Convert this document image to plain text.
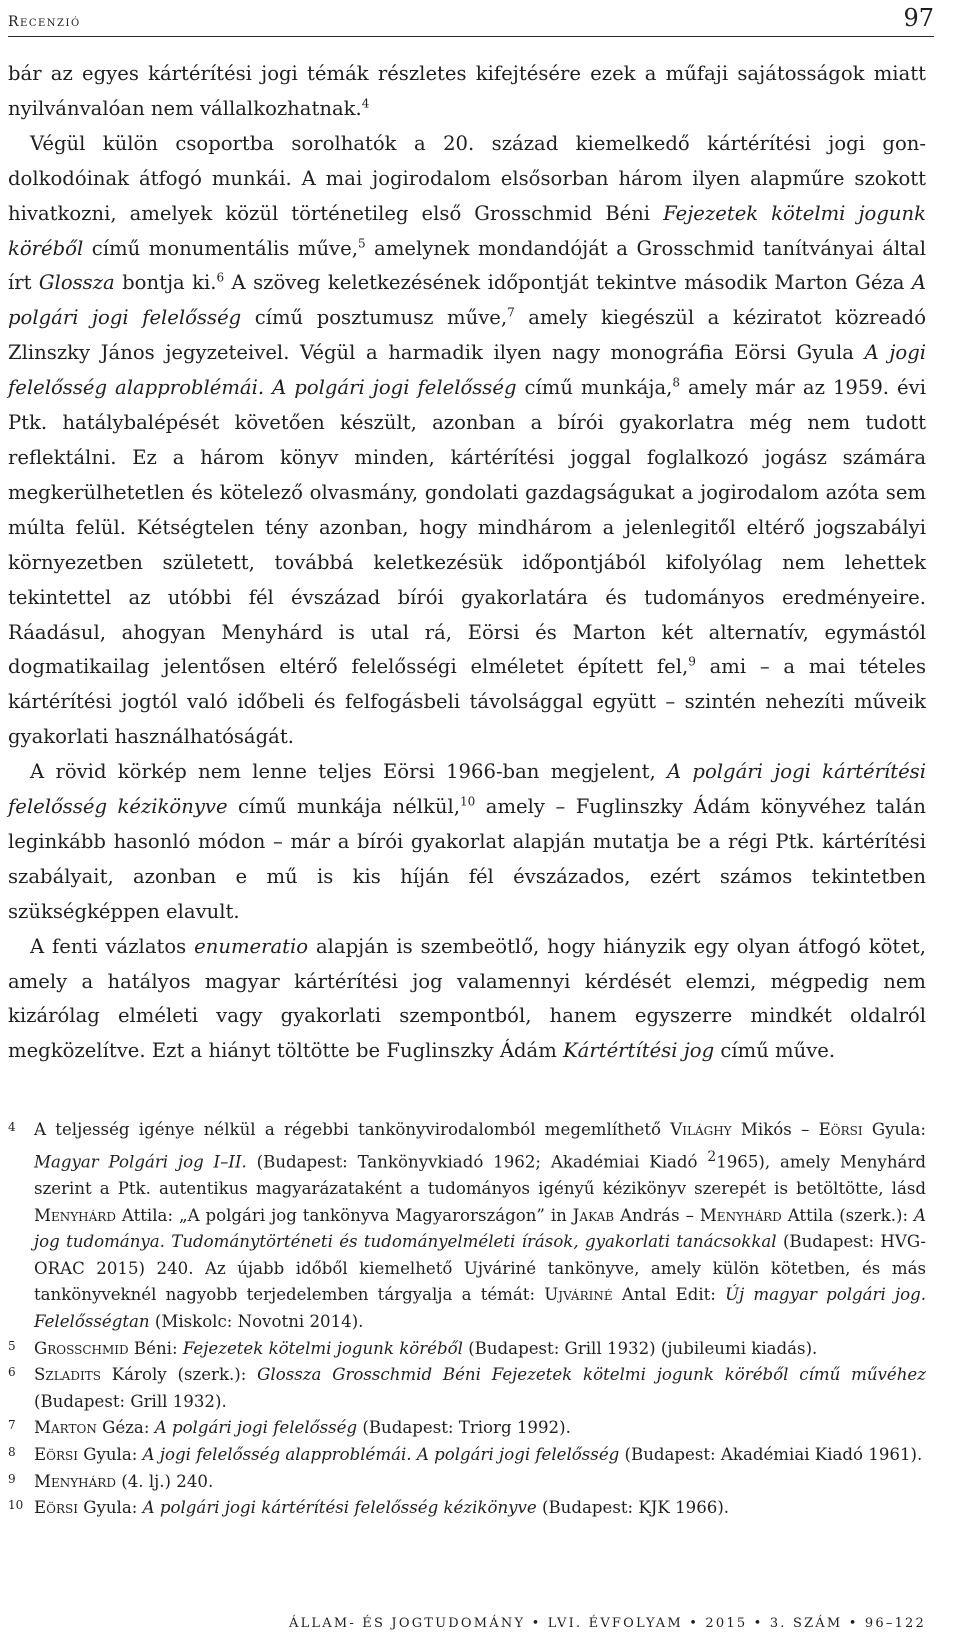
Recenzió	97

bár az egyes kártérítési jogi témák részletes kifejtésére ezek a műfaji sajátosságok miatt nyilvánvalóan nem vállalkozhatnak.$^4$

Végül külön csoportba sorolhatók a 20. század kiemelkedő kártérítési jogi gondolkodóinak átfogó munkái. A mai jogirodalom elsősorban három ilyen alapműre szokott hivatkozni, amelyek közül történetileg első Grosschmid Béni Fejezetek kötelmi jogunk köréből című monumentális műve,$^5$ amelynek mondandóját a Grosschmid tanítványai által írt Glossza bontja ki.$^6$ A szöveg keletkezésének időpontját tekintve második Marton Géza A polgári jogi felelősség című posztumusz műve,$^7$ amely kiegészül a kéziratot közreadó Zlinszky János jegyzeteivel. Végül a harmadik ilyen nagy monográfia Eörsi Gyula A jogi felelősség alapproblémái. A polgári jogi felelősség című munkája,$^8$ amely már az 1959. évi Ptk. hatálybalépését követően készült, azonban a bírói gyakorlatra még nem tudott reflektálni. Ez a három könyv minden, kártérítési joggal foglalkozó jogász számára megkerülhetetlen és kötelező olvasmány, gondolati gazdagságukat a jogirodalom azóta sem múlta felül. Kétségtelen tény azonban, hogy mindhárom a jelenlegitől eltérő jogszabályi környezetben született, továbbá keletkezésük időpontjából kifolyólag nem lehettek tekintettel az utóbbi fél évszázad bírói gyakorlatára és tudományos eredményeire. Ráadásul, ahogyan Menyhárd is utal rá, Eörsi és Marton két alternatív, egymástól dogmatikailag jelentősen eltérő felelősségi elméletet épített fel,$^9$ ami – a mai tételes kártérítési jogtól való időbeli és felfogásbeli távolsággal együtt – szintén nehezíti műveik gyakorlati használhatóságát.

A rövid körkép nem lenne teljes Eörsi 1966-ban megjelent, A polgári jogi kártérítési felelősség kézikönyve című munkája nélkül,$^{10}$ amely – Fuglinszky Ádám könyvéhez talán leginkább hasonló módon – már a bírói gyakorlat alapján mutatja be a régi Ptk. kártérítési szabályait, azonban e mű is kis híján fél évszázados, ezért számos tekintetben szükségképpen elavult.

A fenti vázlatos enumeratio alapján is szembeötlő, hogy hiányzik egy olyan átfogó kötet, amely a hatályos magyar kártérítési jog valamennyi kérdését elemzi, mégpedig nem kizárólag elméleti vagy gyakorlati szempontból, hanem egyszerre mindkét oldalról megközelítve. Ezt a hiányt töltötte be Fuglinszky Ádám Kártértítési jog című műve.

4 A teljesség igénye nélkül a régebbi tankönyvirodalomból megemlíthető Világhy Mikós – Eörsi Gyula: Magyar Polgári jog I–II. (Budapest: Tankönyvkiadó 1962; Akadémiai Kiadó $^2$1965), amely Menyhárd szerint a Ptk. autentikus magyarázataként a tudományos igényű kézikönyv szerepét is betöltötte, lásd Menyhárd Attila: „A polgári jog tankönyva Magyarországon” in Jakab András – Menyhárd Attila (szerk.): A jog tudománya. Tudománytörténeti és tudományelméleti írások, gyakorlati tanácsokkal (Budapest: HVG-ORAC 2015) 240. Az újabb időből kiemelhető Ujváriné tankönyve, amely külön kötetben, és más tankönyveknél nagyobb terjedelemben tárgyalja a témát: Ujváriné Antal Edit: Új magyar polgári jog. Felelősségtan (Miskolc: Novotni 2014).
5 Grosschmid Béni: Fejezetek kötelmi jogunk köréből (Budapest: Grill 1932) (jubileumi kiadás).
6 Szladits Károly (szerk.): Glossza Grosschmid Béni Fejezetek kötelmi jogunk köréből című művéhez (Budapest: Grill 1932).
7 Marton Géza: A polgári jogi felelősség (Budapest: Triorg 1992).
8 Eörsi Gyula: A jogi felelősség alapproblémái. A polgári jogi felelősség (Budapest: Akadémiai Kiadó 1961).
9 Menyhárd (4. lj.) 240.
10 Eörsi Gyula: A polgári jogi kártérítési felelősség kézikönyve (Budapest: KJK 1966).
ÁLLAM- ÉS JOGTUDOMÁNY • LVI. ÉVFOLYAM • 2015 • 3. SZÁM • 96–122
